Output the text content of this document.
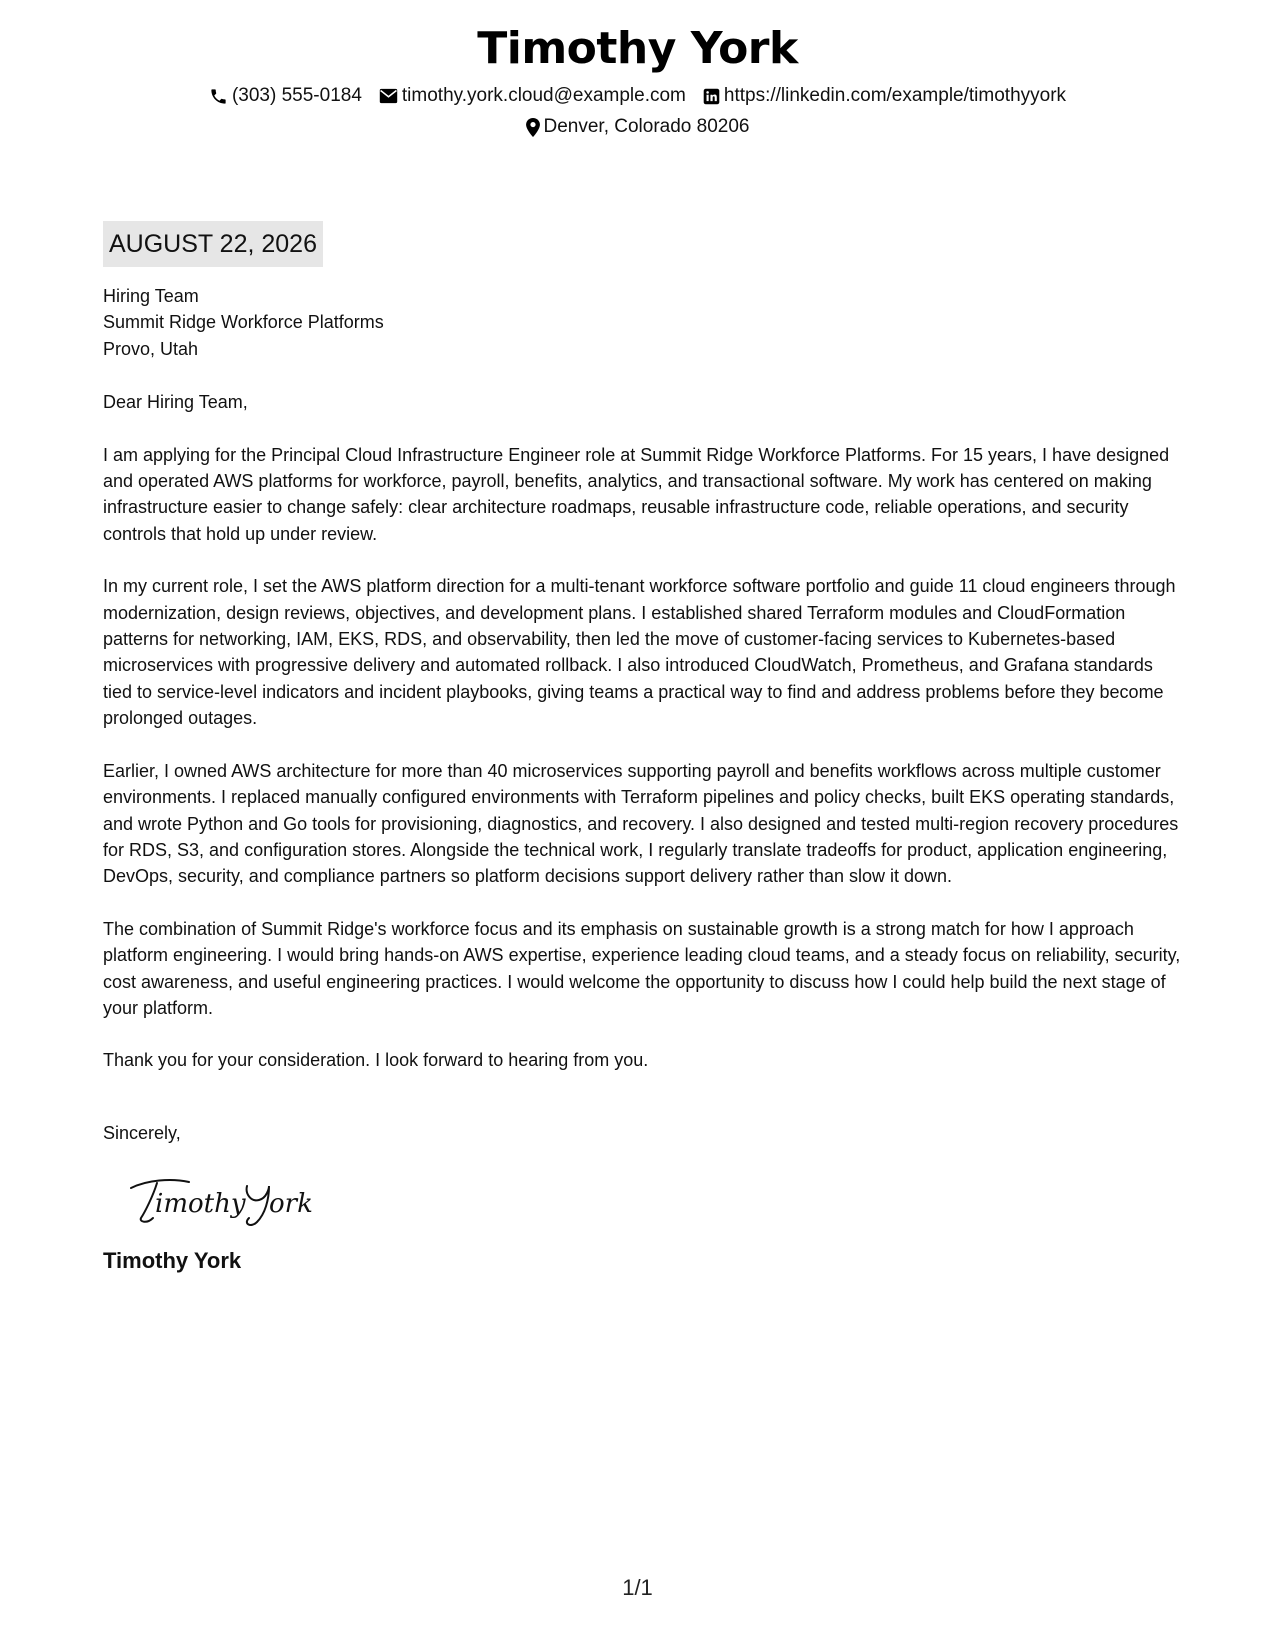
Timothy York
(303) 555-0184 timothy.york.cloud@example.com https://linkedin.com/example/timothyyork
Denver, Colorado 80206
AUGUST 22, 2026
Hiring Team
Summit Ridge Workforce Platforms
Provo, Utah
Dear Hiring Team,

I am applying for the Principal Cloud Infrastructure Engineer role at Summit Ridge Workforce Platforms. For 15 years, I have designed and operated AWS platforms for workforce, payroll, benefits, analytics, and transactional software. My work has centered on making infrastructure easier to change safely: clear architecture roadmaps, reusable infrastructure code, reliable operations, and security controls that hold up under review.

In my current role, I set the AWS platform direction for a multi-tenant workforce software portfolio and guide 11 cloud engineers through modernization, design reviews, objectives, and development plans. I established shared Terraform modules and CloudFormation patterns for networking, IAM, EKS, RDS, and observability, then led the move of customer-facing services to Kubernetes-based microservices with progressive delivery and automated rollback. I also introduced CloudWatch, Prometheus, and Grafana standards tied to service-level indicators and incident playbooks, giving teams a practical way to find and address problems before they become prolonged outages.

Earlier, I owned AWS architecture for more than 40 microservices supporting payroll and benefits workflows across multiple customer environments. I replaced manually configured environments with Terraform pipelines and policy checks, built EKS operating standards, and wrote Python and Go tools for provisioning, diagnostics, and recovery. I also designed and tested multi-region recovery procedures for RDS, S3, and configuration stores. Alongside the technical work, I regularly translate tradeoffs for product, application engineering, DevOps, security, and compliance partners so platform decisions support delivery rather than slow it down.

The combination of Summit Ridge's workforce focus and its emphasis on sustainable growth is a strong match for how I approach platform engineering. I would bring hands-on AWS expertise, experience leading cloud teams, and a steady focus on reliability, security, cost awareness, and useful engineering practices. I would welcome the opportunity to discuss how I could help build the next stage of your platform.

Thank you for your consideration. I look forward to hearing from you.

Sincerely,
imothy ork
Timothy York
1/1
